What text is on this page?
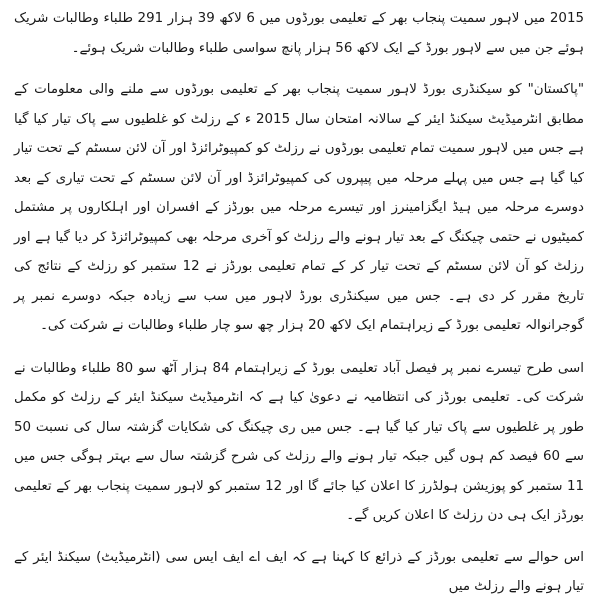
2015 میں لاہور سمیت پنجاب بھر کے تعلیمی بورڈوں میں 6 لاکھ 39 ہزار 291 طلباء وطالبات شریک ہوئے جن میں سے لاہور بورڈ کے ایک لاکھ 56 ہزار پانچ سواسی طلباء وطالبات شریک ہوئے۔

"پاکستان" کو سیکنڈری بورڈ لاہور سمیت پنجاب بھر کے تعلیمی بورڈوں سے ملنے والی معلومات کے مطابق انٹرمیڈیٹ سیکنڈ ایئر کے سالانہ امتحان سال 2015 ء کے رزلٹ کو غلطیوں سے پاک تیار کیا گیا ہے جس میں لاہور سمیت تمام تعلیمی بورڈوں نے رزلٹ کو کمپیوٹرائزڈ اور آن لائن سسٹم کے تحت تیار کیا گیا ہے جس میں پہلے مرحلہ میں پیپروں کی کمپیوٹرائزڈ اور آن لائن سسٹم کے تحت تیاری کے بعد دوسرے مرحلہ میں ہیڈ ایگزامینرز اور تیسرے مرحلہ میں بورڈز کے افسران اور اہلکاروں پر مشتمل کمیٹیوں نے حتمی چیکنگ کے بعد تیار ہونے والے رزلٹ کو آخری مرحلہ بھی کمپیوٹرائزڈ کر دیا گیا ہے اور رزلٹ کو آن لائن سسٹم کے تحت تیار کر کے تمام تعلیمی بورڈز نے 12 ستمبر کو رزلٹ کے نتائج کی تاریخ مقرر کر دی ہے۔ جس میں سیکنڈری بورڈ لاہور میں سب سے زیادہ جبکہ دوسرے نمبر پر گوجرانوالہ تعلیمی بورڈ کے زیراہتمام ایک لاکھ 20 ہزار چھ سو چار طلباء وطالبات نے شرکت کی۔

اسی طرح تیسرے نمبر پر فیصل آباد تعلیمی بورڈ کے زیراہتمام 84 ہزار آٹھ سو 80 طلباء وطالبات نے شرکت کی۔ تعلیمی بورڈز کی انتظامیہ نے دعویٰ کیا ہے کہ انٹرمیڈیٹ سیکنڈ ایئر کے رزلٹ کو مکمل طور پر غلطیوں سے پاک تیار کیا گیا ہے۔ جس میں ری چیکنگ کی شکایات گزشتہ سال کی نسبت 50 سے 60 فیصد کم ہوں گیں جبکہ تیار ہونے والے رزلٹ کی شرح گزشتہ سال سے بہتر ہوگی جس میں 11 ستمبر کو پوزیشن ہولڈرز کا اعلان کیا جائے گا اور 12 ستمبر کو لاہور سمیت پنجاب بھر کے تعلیمی بورڈز ایک ہی دن رزلٹ کا اعلان کریں گے۔

اس حوالے سے تعلیمی بورڈز کے ذرائع کا کہنا ہے کہ ایف اے ایف ایس سی (انٹرمیڈیٹ) سیکنڈ ایئر کے تیار ہونے والے رزلٹ میں
